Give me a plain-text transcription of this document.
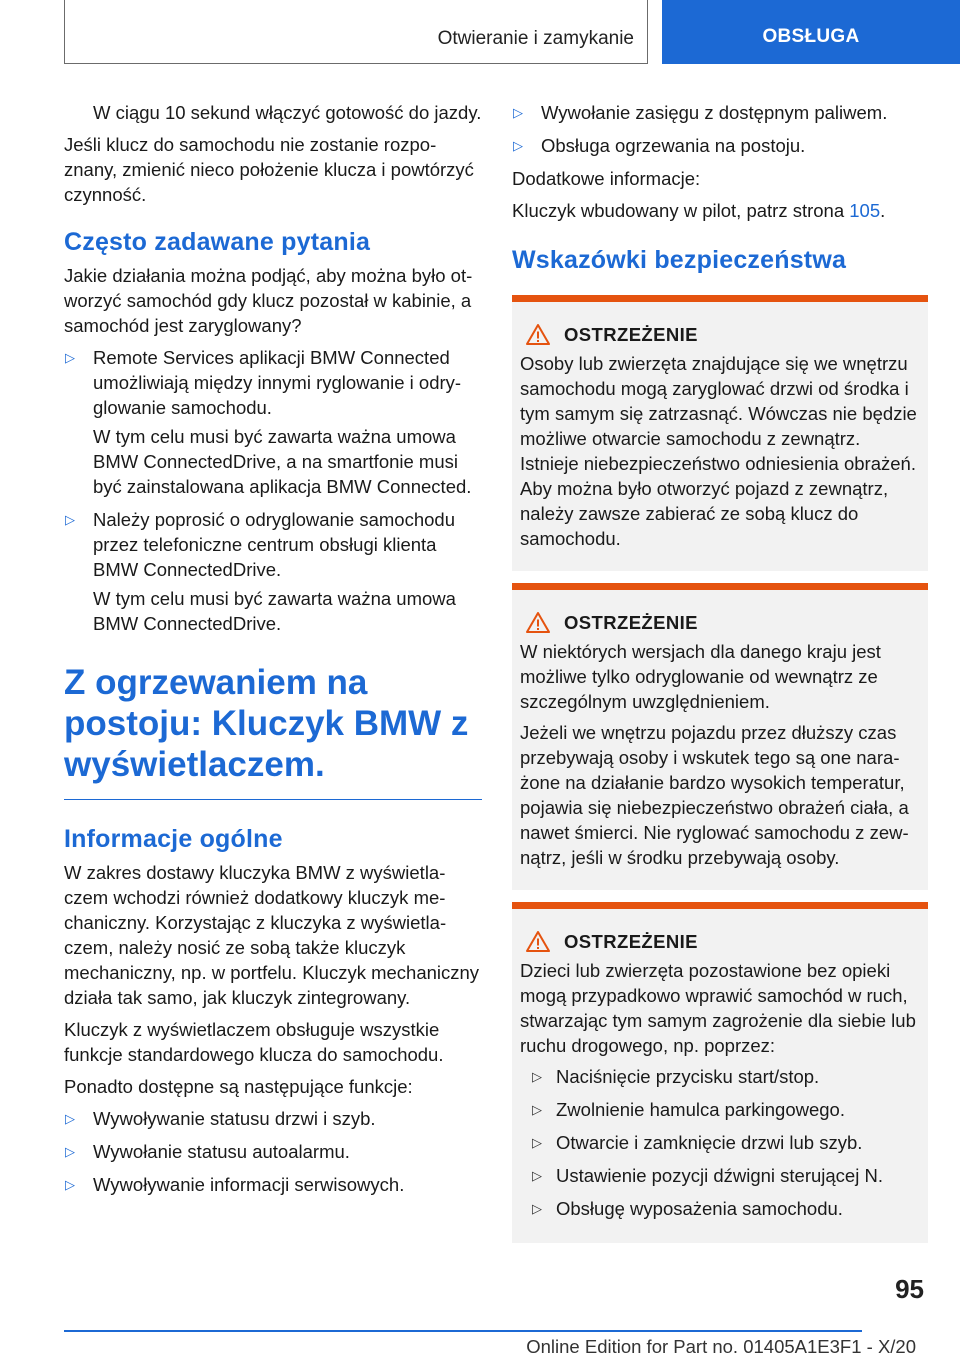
Otwieranie i zamykanie	OBSŁUGA

W ciągu 10 sekund włączyć gotowość do jazdy.

Jeśli klucz do samochodu nie zostanie rozpoznany, zmienić nieco położenie klucza i powtórzyć czynność.

Często zadawane pytania

Jakie działania można podjąć, aby można było otworzyć samochód gdy klucz pozostał w kabinie, a samochód jest zaryglowany?

▷ Remote Services aplikacji BMW Connected umożliwiają między innymi ryglowanie i odryglowanie samochodu.
W tym celu musi być zawarta ważna umowa BMW ConnectedDrive, a na smartfonie musi być zainstalowana aplikacja BMW Connected.
▷ Należy poprosić o odryglowanie samochodu przez telefoniczne centrum obsługi klienta BMW ConnectedDrive.
W tym celu musi być zawarta ważna umowa BMW ConnectedDrive.
Z ogrzewaniem na postoju: Kluczyk BMW z wyświetlaczem.
Informacje ogólne

W zakres dostawy kluczyka BMW z wyświetlaczem wchodzi również dodatkowy kluczyk mechaniczny. Korzystając z kluczyka z wyświetlaczem, należy nosić ze sobą także kluczyk mechaniczny, np. w portfelu. Kluczyk mechaniczny działa tak samo, jak kluczyk zintegrowany.

Kluczyk z wyświetlaczem obsługuje wszystkie funkcje standardowego klucza do samochodu.

Ponadto dostępne są następujące funkcje:

▷ Wywoływanie statusu drzwi i szyb.
▷ Wywołanie statusu autoalarmu.
▷ Wywoływanie informacji serwisowych.
▷ Wywołanie zasięgu z dostępnym paliwem.
▷ Obsługa ogrzewania na postoju.

Dodatkowe informacje:

Kluczyk wbudowany w pilot, patrz strona 105.

Wskazówki bezpieczeństwa
OSTRZEŻENIE

Osoby lub zwierzęta znajdujące się we wnętrzu samochodu mogą zaryglować drzwi od środka i tym samym się zatrzasnąć. Wówczas nie będzie możliwe otwarcie samochodu z zewnątrz. Istnieje niebezpieczeństwo odniesienia obrażeń. Aby można było otworzyć pojazd z zewnątrz, należy zawsze zabierać ze sobą klucz do samochodu.

OSTRZEŻENIE

W niektórych wersjach dla danego kraju jest możliwe tylko odryglowanie od wewnątrz ze szczególnym uwzględnieniem.

Jeżeli we wnętrzu pojazdu przez dłuższy czas przebywają osoby i wskutek tego są one narażone na działanie bardzo wysokich temperatur, pojawia się niebezpieczeństwo obrażeń ciała, a nawet śmierci. Nie ryglować samochodu z zewnątrz, jeśli w środku przebywają osoby.

OSTRZEŻENIE

Dzieci lub zwierzęta pozostawione bez opieki mogą przypadkowo wprawić samochód w ruch, stwarzając tym samym zagrożenie dla siebie lub ruchu drogowego, np. poprzez:

▷ Naciśnięcie przycisku start/stop.
▷ Zwolnienie hamulca parkingowego.
▷ Otwarcie i zamknięcie drzwi lub szyb.
▷ Ustawienie pozycji dźwigni sterującej N.
▷ Obsługę wyposażenia samochodu.
95
Online Edition for Part no. 01405A1E3F1 - X/20
